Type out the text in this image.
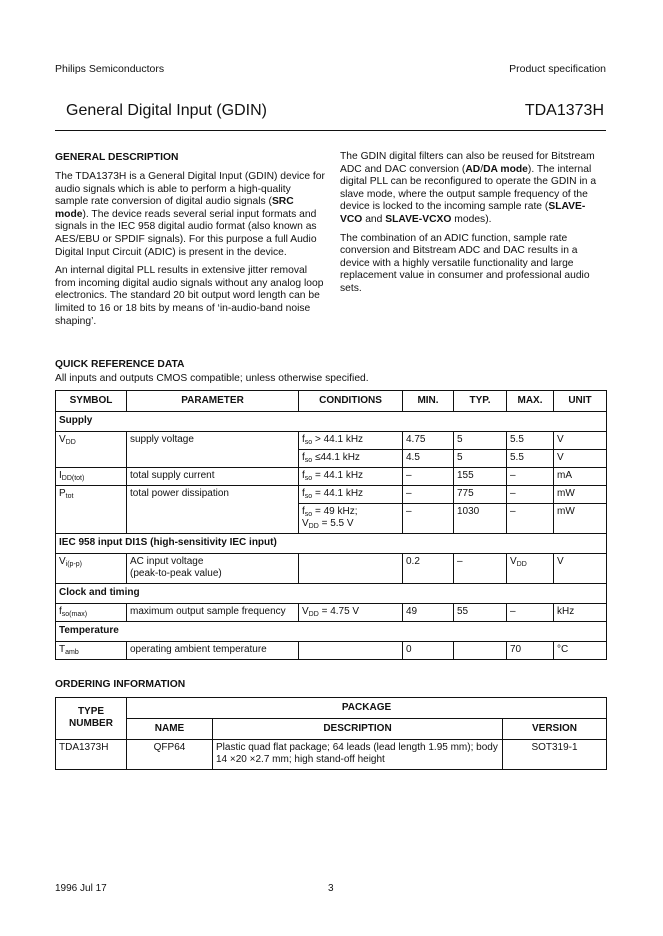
Philips Semiconductors	Product specification
General Digital Input (GDIN)	TDA1373H
GENERAL DESCRIPTION

The TDA1373H is a General Digital Input (GDIN) device for audio signals which is able to perform a high-quality sample rate conversion of digital audio signals (SRC mode). The device reads several serial input formats and signals in the IEC 958 digital audio format (also known as AES/EBU or SPDIF signals). For this purpose a full Audio Digital Input Circuit (ADIC) is present in the device.

An internal digital PLL results in extensive jitter removal from incoming digital audio signals without any analog loop electronics. The standard 20 bit output word length can be limited to 16 or 18 bits by means of ‘in-audio-band noise shaping’.

The GDIN digital filters can also be reused for Bitstream ADC and DAC conversion (AD/DA mode). The internal digital PLL can be reconfigured to operate the GDIN in a slave mode, where the output sample frequency of the device is locked to the incoming sample rate (SLAVE-VCO and SLAVE-VCXO modes).

The combination of an ADIC function, sample rate conversion and Bitstream ADC and DAC results in a device with a highly versatile functionality and large replacement value in consumer and professional audio sets.

QUICK REFERENCE DATA
All inputs and outputs CMOS compatible; unless otherwise specified.
SYMBOL	PARAMETER	CONDITIONS	MIN.	TYP.	MAX.	UNIT
Supply						
$V_{DD}$	supply voltage	$f_{so} > 44.1$ kHz	4.75	5	5.5	V
		$f_{so} \le 44.1$ kHz	4.5	5	5.5	V
$I_{DD(tot)}$	total supply current	$f_{so} = 44.1$ kHz	–	155	–	mA
$P_{tot}$	total power dissipation	$f_{so} = 44.1$ kHz	–	775	–	mW
		$f_{so} = 49$ kHz;
$V_{DD} = 5.5$ V	–	1030	–	mW
IEC 958 input DI1S (high-sensitivity IEC input)						
$V_{i(p-p)}$	AC input voltage
(peak-to-peak value)		0.2	–	$V_{DD}$	V
Clock and timing						
$f_{so(max)}$	maximum output sample frequency	$V_{DD} = 4.75$ V	49	55	–	kHz
Temperature						
$T_{amb}$	operating ambient temperature		0		70	°C
ORDERING INFORMATION
TYPE NUMBER	PACKAGE		
	NAME	DESCRIPTION	VERSION
TDA1373H	QFP64	Plastic quad flat package; 64 leads (lead length 1.95 mm); body 14 ×20 ×2.7 mm; high stand-off height	SOT319-1
1996 Jul 17	3
